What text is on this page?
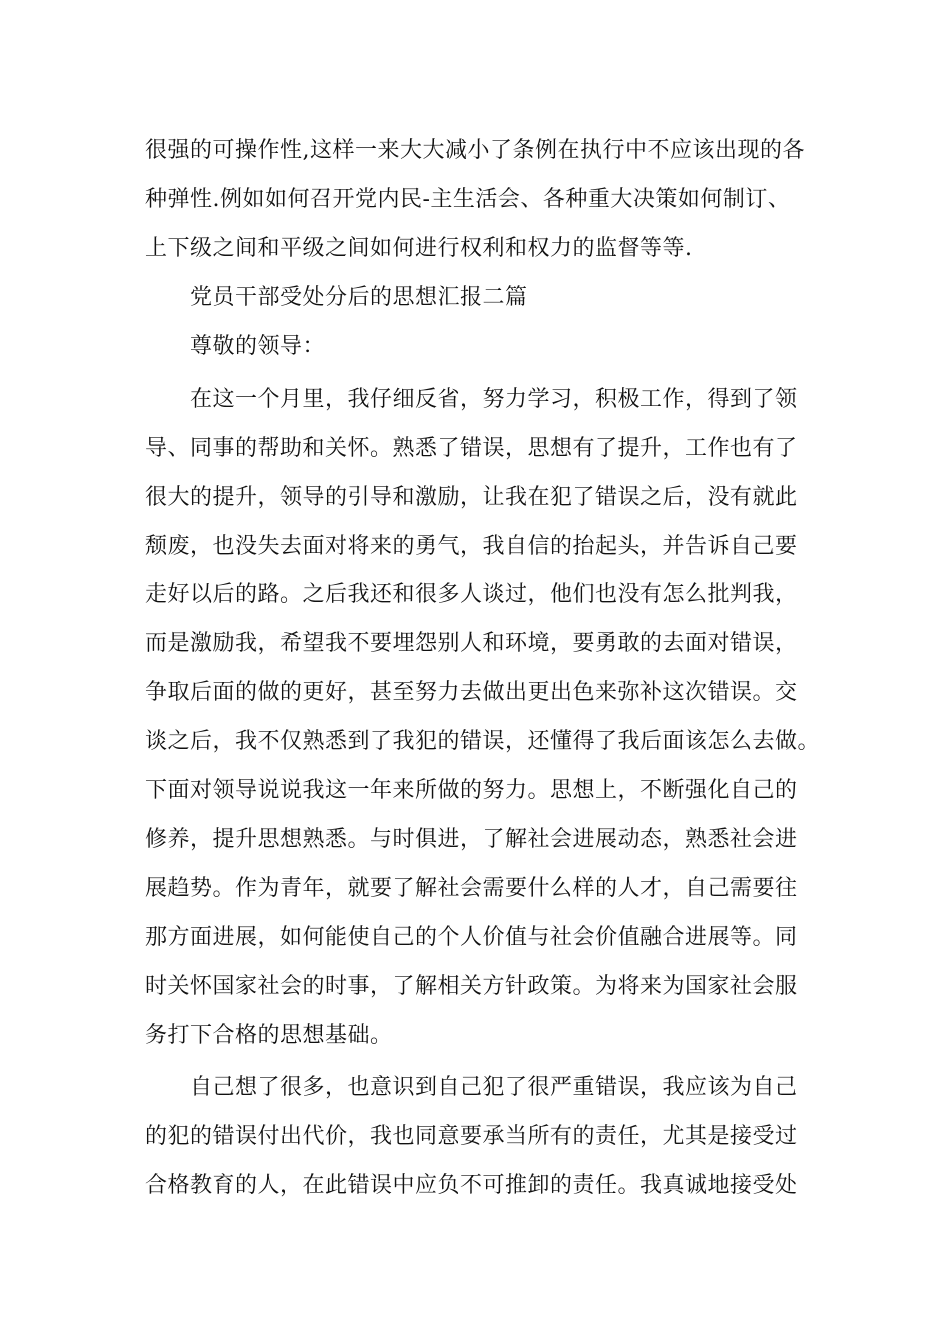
很强的可操作性,这样一来大大减小了条例在执行中不应该出现的各
种弹性.例如如何召开党内民-主生活会、各种重大决策如何制订、
上下级之间和平级之间如何进行权利和权力的监督等等.
党员干部受处分后的思想汇报二篇
尊敬的领导：
在这一个月里，我仔细反省，努力学习，积极工作，得到了领
导、同事的帮助和关怀。熟悉了错误，思想有了提升，工作也有了
很大的提升，领导的引导和激励，让我在犯了错误之后，没有就此
颓废，也没失去面对将来的勇气，我自信的抬起头，并告诉自己要
走好以后的路。之后我还和很多人谈过，他们也没有怎么批判我，
而是激励我，希望我不要埋怨别人和环境，要勇敢的去面对错误，
争取后面的做的更好，甚至努力去做出更出色来弥补这次错误。交
谈之后，我不仅熟悉到了我犯的错误，还懂得了我后面该怎么去做。
下面对领导说说我这一年来所做的努力。思想上，不断强化自己的
修养，提升思想熟悉。与时俱进，了解社会进展动态，熟悉社会进
展趋势。作为青年，就要了解社会需要什么样的人才，自己需要往
那方面进展，如何能使自己的个人价值与社会价值融合进展等。同
时关怀国家社会的时事，了解相关方针政策。为将来为国家社会服
务打下合格的思想基础。
自己想了很多，也意识到自己犯了很严重错误，我应该为自己
的犯的错误付出代价，我也同意要承当所有的责任，尤其是接受过
合格教育的人，在此错误中应负不可推卸的责任。我真诚地接受处
